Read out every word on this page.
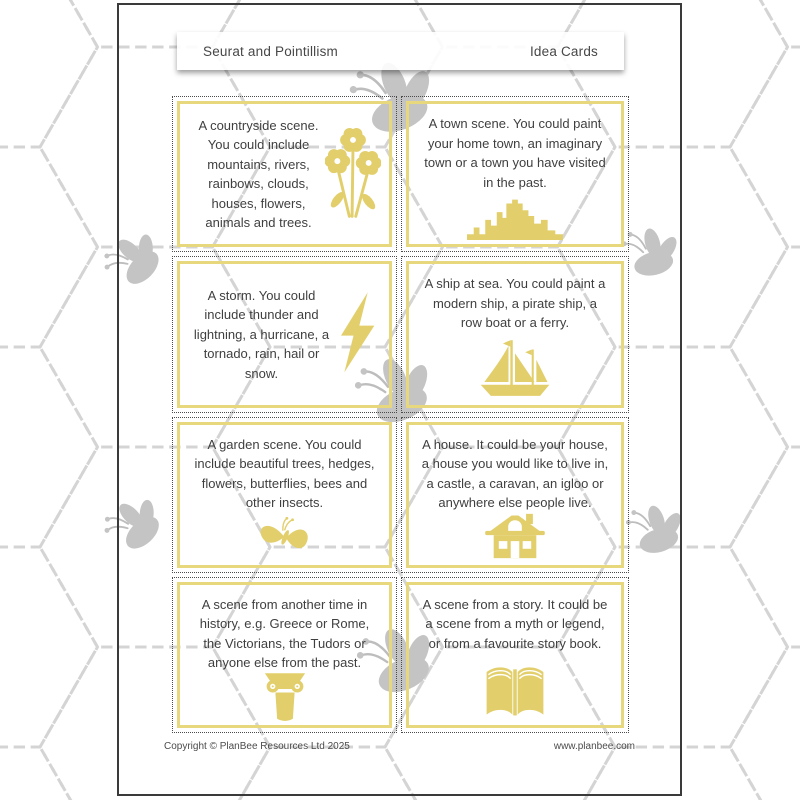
Seurat and Pointillism	Idea Cards
A countryside scene. You could include mountains, rivers, rainbows, clouds, houses, flowers, animals and trees.
A town scene. You could paint your home town, an imaginary town or a town you have visited in the past.
A storm. You could include thunder and lightning, a hurricane, a tornado, rain, hail or snow.
A ship at sea. You could paint a modern ship, a pirate ship, a row boat or a ferry.
A garden scene. You could include beautiful trees, hedges, flowers, butterflies, bees and other insects.
A house. It could be your house, a house you would like to live in, a castle, a caravan, an igloo or anywhere else people live.
A scene from another time in history, e.g. Greece or Rome, the Victorians, the Tudors or anyone else from the past.
A scene from a story. It could be a scene from a myth or legend, or from a favourite story book.
Copyright © PlanBee Resources Ltd 2025	www.planbee.com
